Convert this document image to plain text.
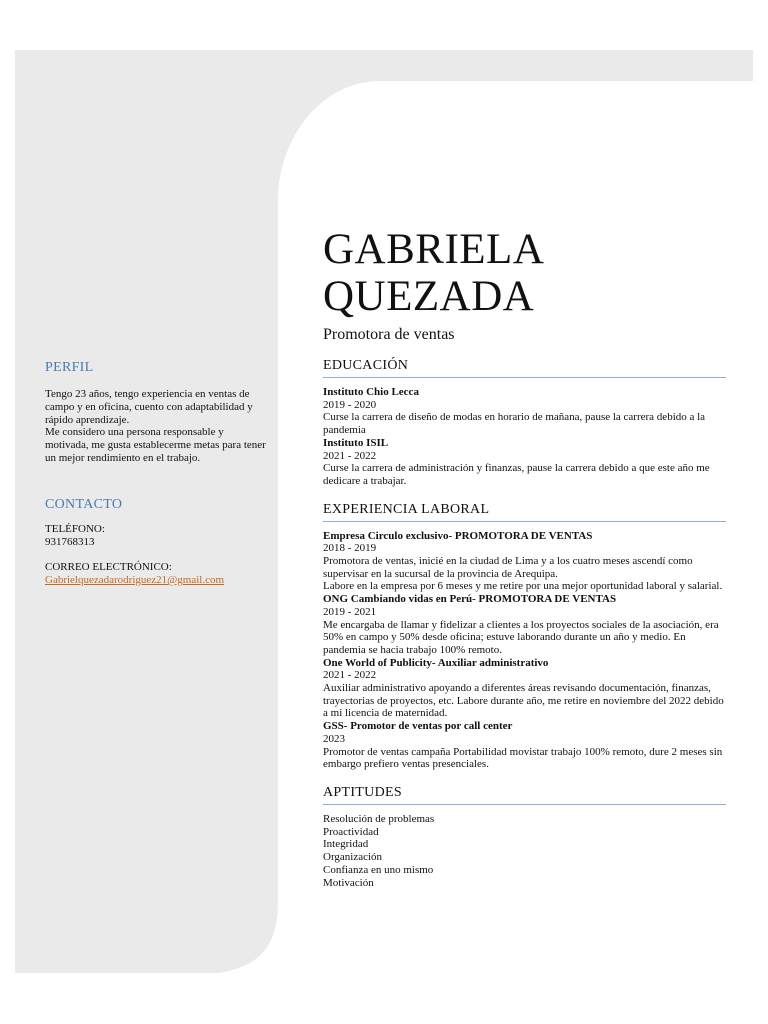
PERFIL
Tengo 23 años, tengo experiencia en ventas de campo y en oficina, cuento con adaptabilidad y rápido aprendizaje.
Me considero una persona responsable y motivada, me gusta establecerme metas para tener un mejor rendimiento en el trabajo.
CONTACTO
TELÉFONO:
931768313
CORREO ELECTRÓNICO:
Gabrielquezadarodriguez21@gmail.com
GABRIELA
QUEZADA
Promotora de ventas
EDUCACIÓN
Instituto Chio Lecca
2019 - 2020
Curse la carrera de diseño de modas en horario de mañana, pause la carrera debido a la pandemia
Instituto ISIL
2021 - 2022
Curse la carrera de administración y finanzas, pause la carrera debido a que este año me dedicare a trabajar.
EXPERIENCIA LABORAL
Empresa Circulo exclusivo- PROMOTORA DE VENTAS
2018 - 2019
Promotora de ventas, inicié en la ciudad de Lima y a los cuatro meses ascendí como supervisar en la sucursal de la provincia de Arequipa.
Labore en la empresa por 6 meses y me retire por una mejor oportunidad laboral y salarial.
ONG Cambiando vidas en Perú- PROMOTORA DE VENTAS
2019 - 2021
Me encargaba de llamar y fidelizar a clientes a los proyectos sociales de la asociación, era 50% en campo y 50% desde oficina; estuve laborando durante un año y medio. En pandemia se hacia trabajo 100% remoto.
One World of Publicity- Auxiliar administrativo
2021 - 2022
Auxiliar administrativo apoyando a diferentes áreas revisando documentación, finanzas, trayectorias de proyectos, etc. Labore durante año, me retire en noviembre del 2022 debido a mi licencia de maternidad.
GSS- Promotor de ventas por call center
2023
Promotor de ventas campaña Portabilidad movistar trabajo 100% remoto, dure 2 meses sin embargo prefiero ventas presenciales.
APTITUDES
Resolución de problemas
Proactividad
Integridad
Organización
Confianza en uno mismo
Motivación
